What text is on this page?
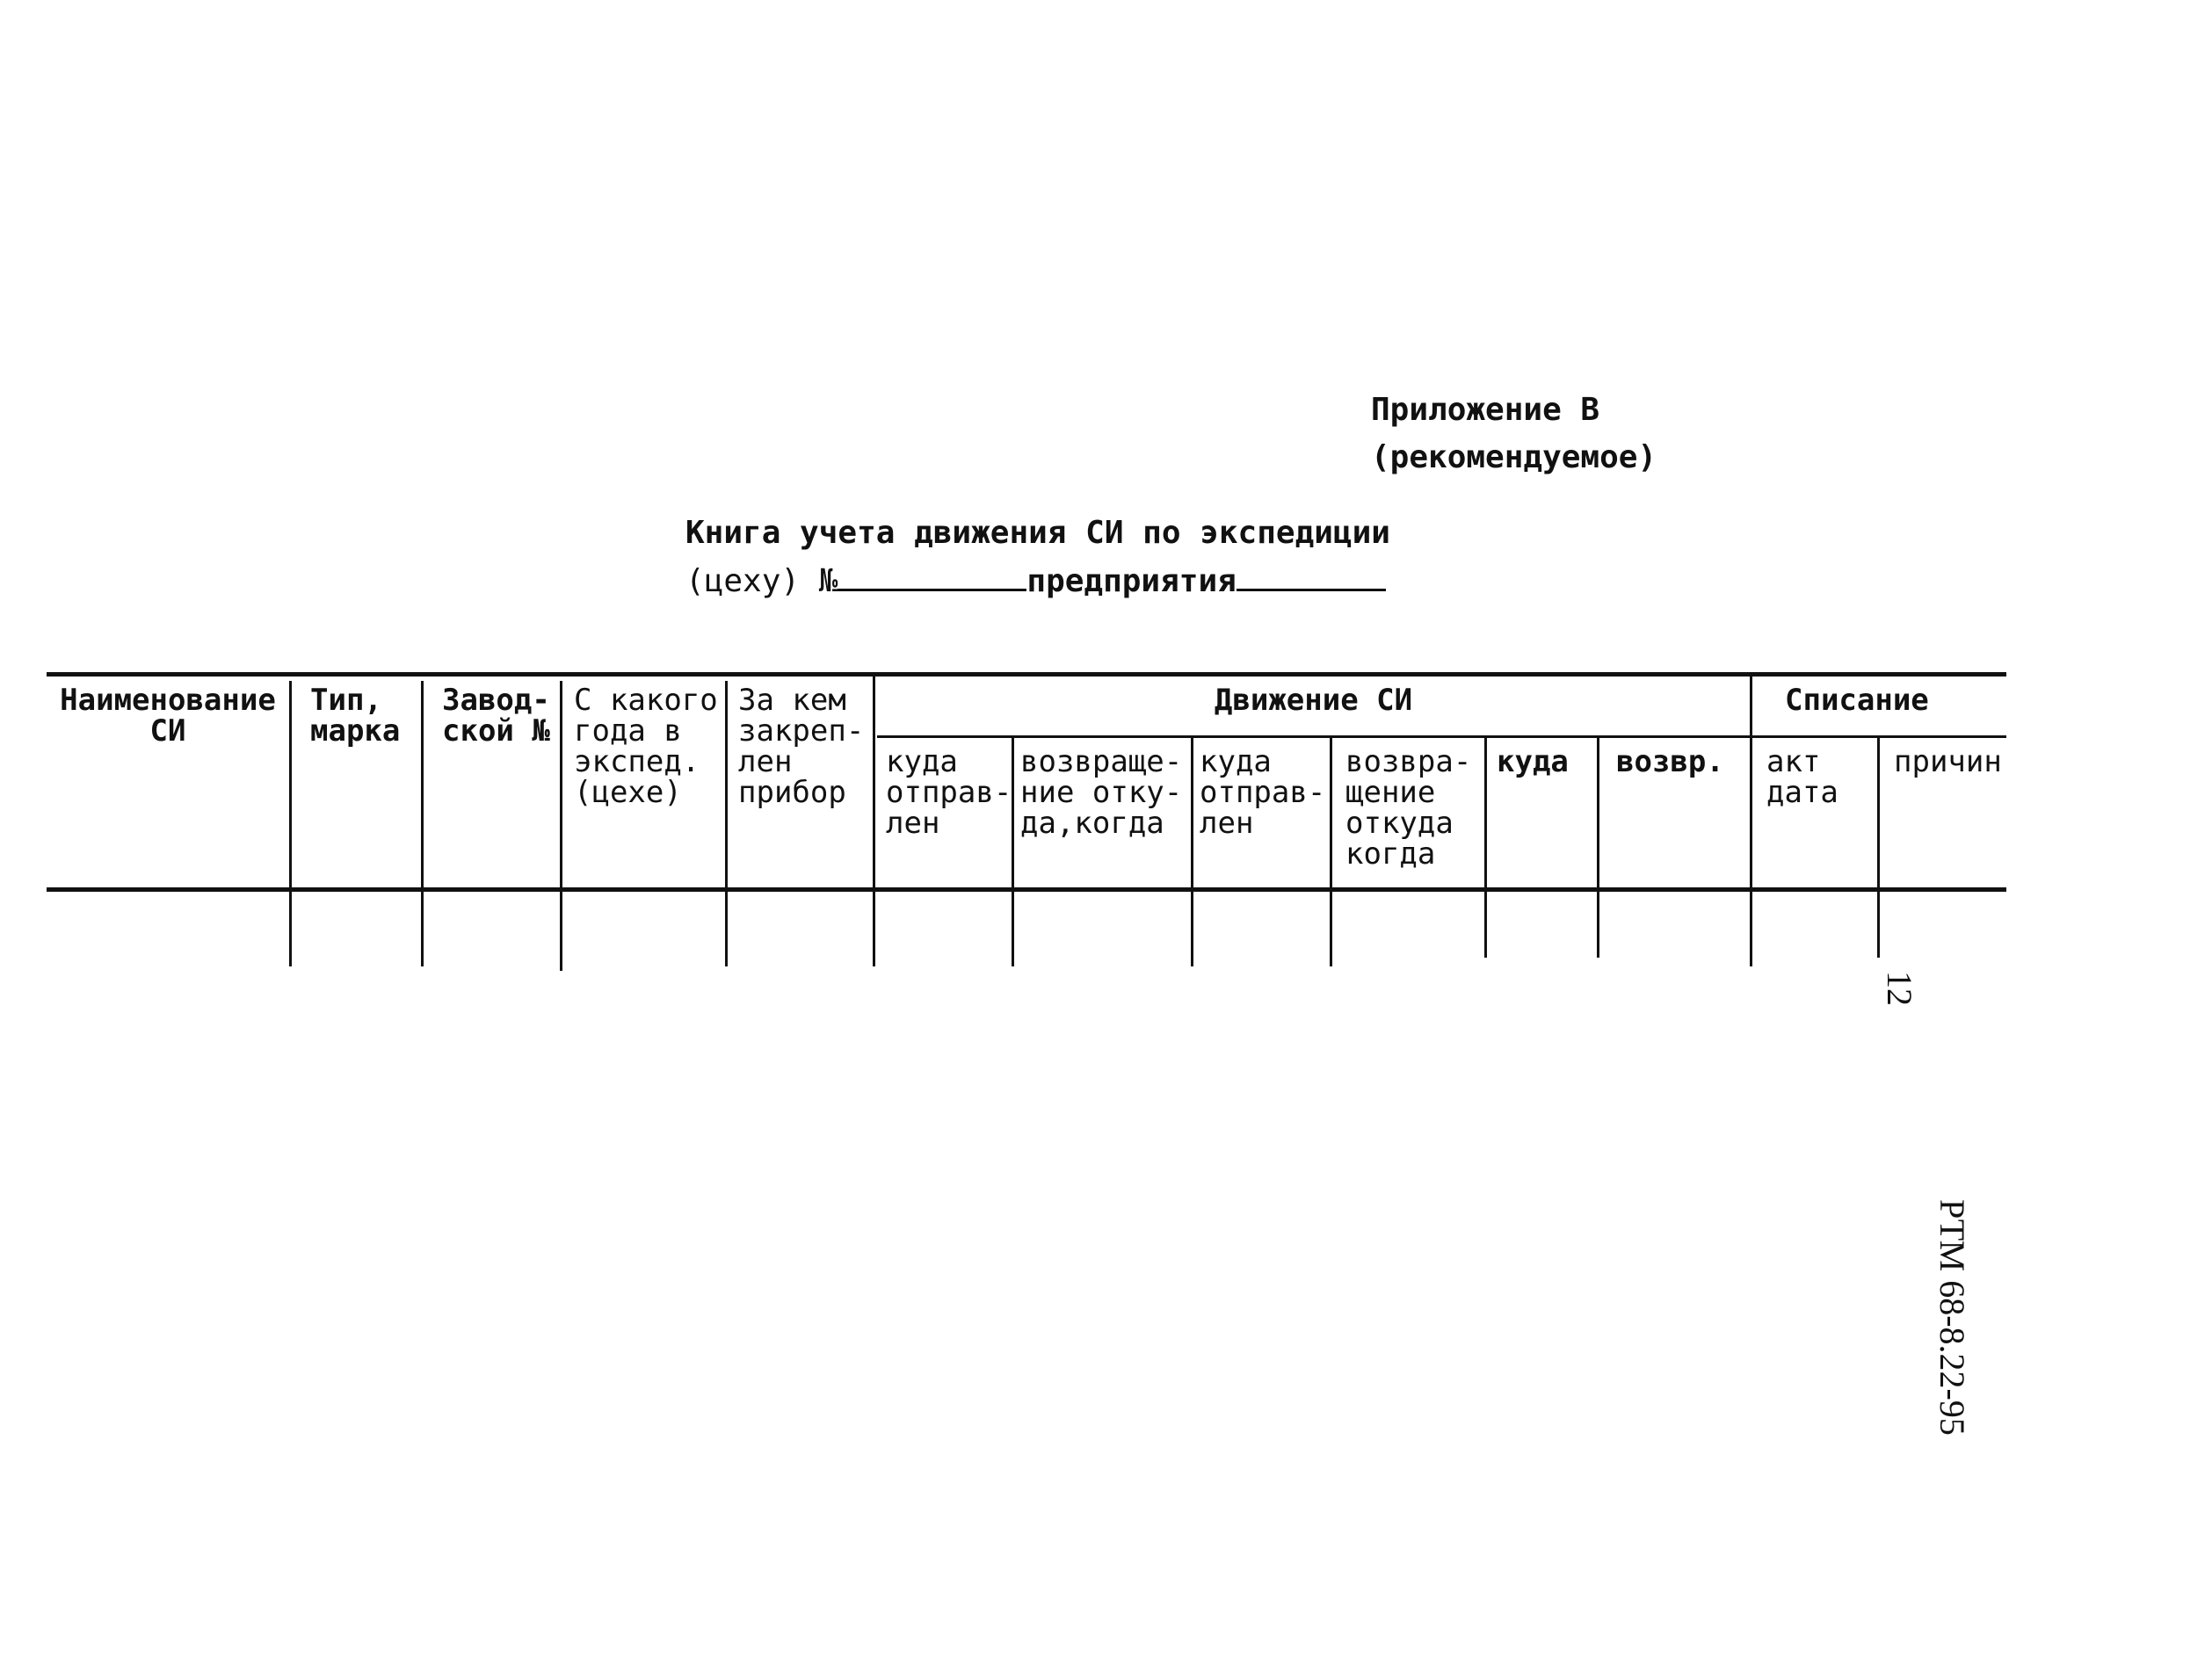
Приложение В
(рекомендуемое)
Книга учета движения СИ по экспедиции
(цеху) №	предприятия
Наименование
СИ
Тип,
марка
Завод-
ской №
С какого
года в
экспед.
(цехе)
За кем
закреп-
лен
прибор
Движение СИ
куда
отправ-
лен
возвраще-
ние отку-
да,когда
куда
отправ-
лен
возвра-
щение
откуда
когда
куда возвр.
Списание
акт
дата
причин
12
РТМ 68-8.22-95
